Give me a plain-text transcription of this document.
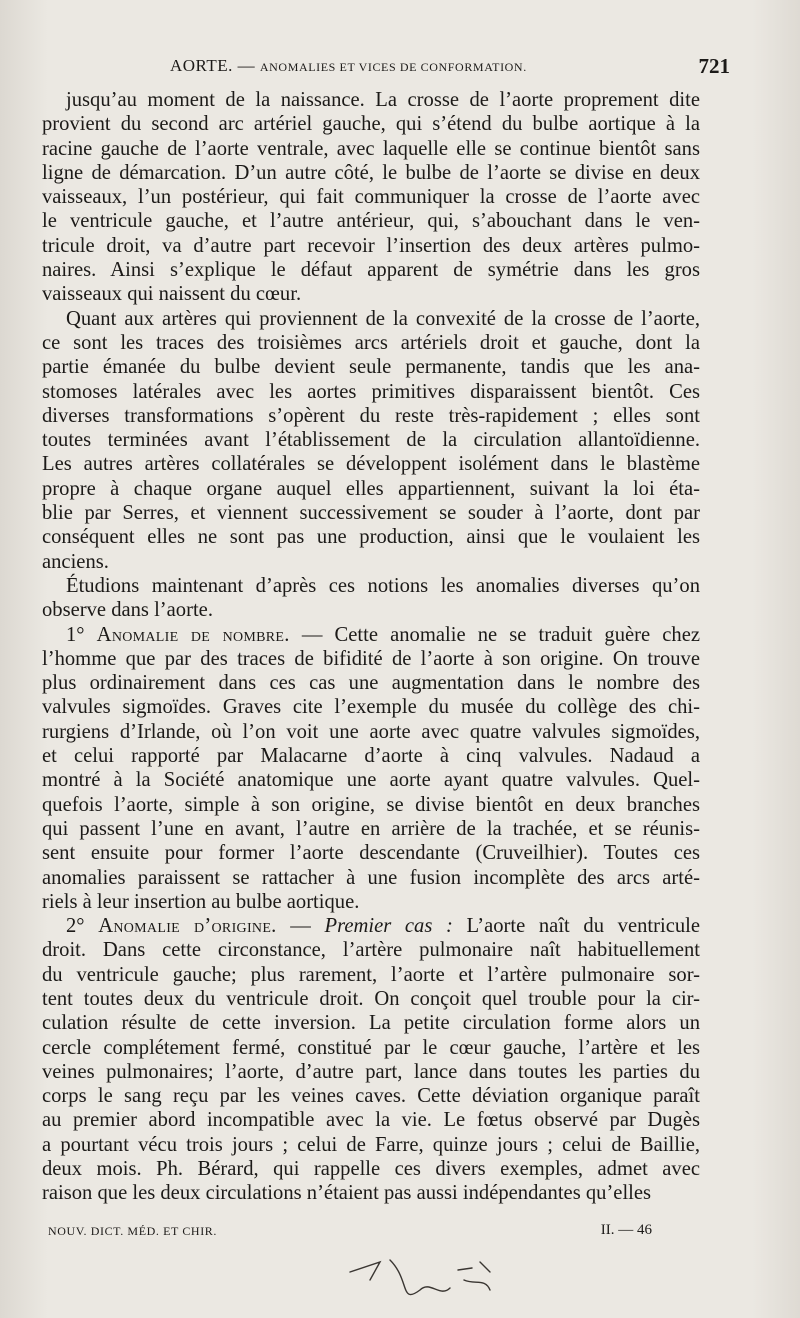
AORTE. — ANOMALIES ET VICES DE CONFORMATION.	721

jusqu’au moment de la naissance. La crosse de l’aorte proprement dite
provient du second arc artériel gauche, qui s’étend du bulbe aortique à la
racine gauche de l’aorte ventrale, avec laquelle elle se continue bientôt sans
ligne de démarcation. D’un autre côté, le bulbe de l’aorte se divise en deux
vaisseaux, l’un postérieur, qui fait communiquer la crosse de l’aorte avec
le ventricule gauche, et l’autre antérieur, qui, s’abouchant dans le ven-
tricule droit, va d’autre part recevoir l’insertion des deux artères pulmo-
naires. Ainsi s’explique le défaut apparent de symétrie dans les gros
vaisseaux qui naissent du cœur.

Quant aux artères qui proviennent de la convexité de la crosse de l’aorte,
ce sont les traces des troisièmes arcs artériels droit et gauche, dont la
partie émanée du bulbe devient seule permanente, tandis que les ana-
stomoses latérales avec les aortes primitives disparaissent bientôt. Ces
diverses transformations s’opèrent du reste très-rapidement ; elles sont
toutes terminées avant l’établissement de la circulation allantoïdienne.
Les autres artères collatérales se développent isolément dans le blastème
propre à chaque organe auquel elles appartiennent, suivant la loi éta-
blie par Serres, et viennent successivement se souder à l’aorte, dont par
conséquent elles ne sont pas une production, ainsi que le voulaient les
anciens.

Étudions maintenant d’après ces notions les anomalies diverses qu’on
observe dans l’aorte.

1° Anomalie de nombre. — Cette anomalie ne se traduit guère chez
l’homme que par des traces de bifidité de l’aorte à son origine. On trouve
plus ordinairement dans ces cas une augmentation dans le nombre des
valvules sigmoïdes. Graves cite l’exemple du musée du collège des chi-
rurgiens d’Irlande, où l’on voit une aorte avec quatre valvules sigmoïdes,
et celui rapporté par Malacarne d’aorte à cinq valvules. Nadaud a
montré à la Société anatomique une aorte ayant quatre valvules. Quel-
quefois l’aorte, simple à son origine, se divise bientôt en deux branches
qui passent l’une en avant, l’autre en arrière de la trachée, et se réunis-
sent ensuite pour former l’aorte descendante (Cruveilhier). Toutes ces
anomalies paraissent se rattacher à une fusion incomplète des arcs arté-
riels à leur insertion au bulbe aortique.

2° Anomalie d’origine. — Premier cas : L’aorte naît du ventricule
droit. Dans cette circonstance, l’artère pulmonaire naît habituellement
du ventricule gauche; plus rarement, l’aorte et l’artère pulmonaire sor-
tent toutes deux du ventricule droit. On conçoit quel trouble pour la cir-
culation résulte de cette inversion. La petite circulation forme alors un
cercle complétement fermé, constitué par le cœur gauche, l’artère et les
veines pulmonaires; l’aorte, d’autre part, lance dans toutes les parties du
corps le sang reçu par les veines caves. Cette déviation organique paraît
au premier abord incompatible avec la vie. Le fœtus observé par Dugès
a pourtant vécu trois jours ; celui de Farre, quinze jours ; celui de Baillie,
deux mois. Ph. Bérard, qui rappelle ces divers exemples, admet avec
raison que les deux circulations n’étaient pas aussi indépendantes qu’elles

NOUV. DICT. MÉD. ET CHIR.	II. — 46
